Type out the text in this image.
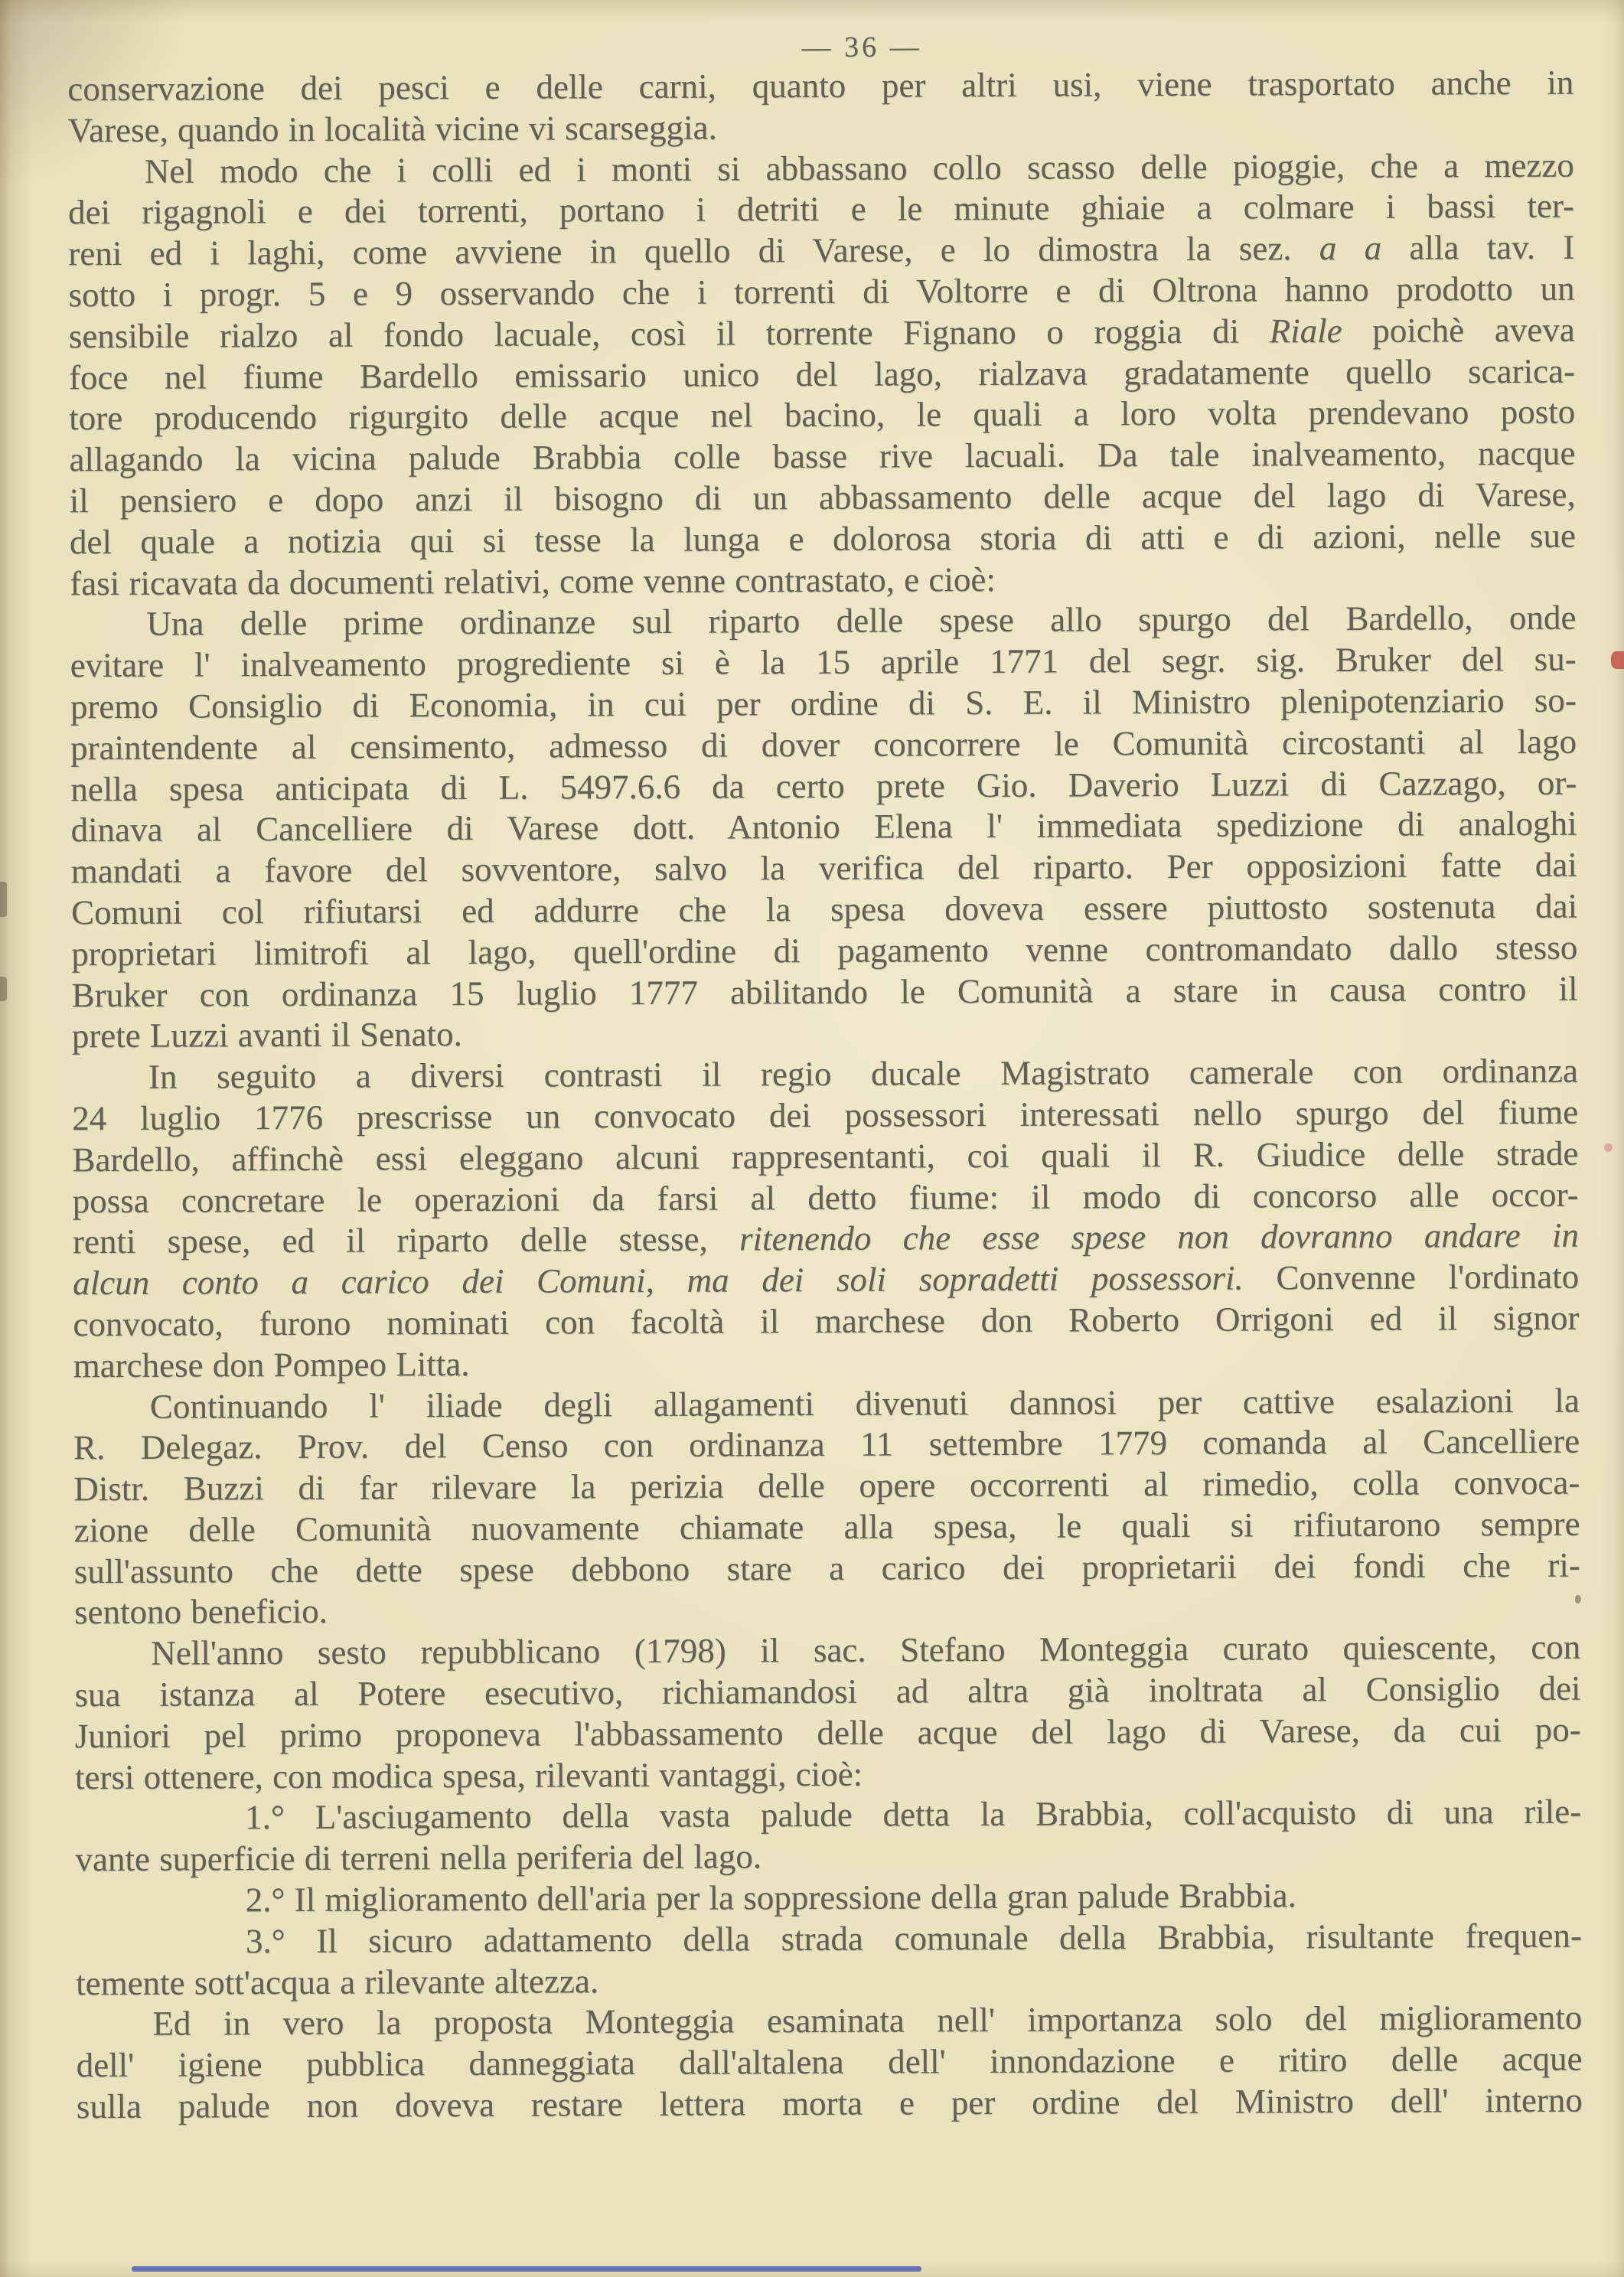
— 36 —
conservazione dei pesci e delle carni, quanto per altri usi, viene trasportato anche in
Varese, quando in località vicine vi scarseggia.
Nel modo che i colli ed i monti si abbassano collo scasso delle pioggie, che a mezzo
dei rigagnoli e dei torrenti, portano i detriti e le minute ghiaie a colmare i bassi ter-
reni ed i laghi, come avviene in quello di Varese, e lo dimostra la sez. a a alla tav. I
sotto i progr. 5 e 9 osservando che i torrenti di Voltorre e di Oltrona hanno prodotto un
sensibile rialzo al fondo lacuale, così il torrente Fignano o roggia di Riale poichè aveva
foce nel fiume Bardello emissario unico del lago, rialzava gradatamente quello scarica-
tore producendo rigurgito delle acque nel bacino, le quali a loro volta prendevano posto
allagando la vicina palude Brabbia colle basse rive lacuali. Da tale inalveamento, nacque
il pensiero e dopo anzi il bisogno di un abbassamento delle acque del lago di Varese,
del quale a notizia qui si tesse la lunga e dolorosa storia di atti e di azioni, nelle sue
fasi ricavata da documenti relativi, come venne contrastato, e cioè:
Una delle prime ordinanze sul riparto delle spese allo spurgo del Bardello, onde
evitare l' inalveamento progrediente si è la 15 aprile 1771 del segr. sig. Bruker del su-
premo Consiglio di Economia, in cui per ordine di S. E. il Ministro plenipotenziario so-
praintendente al censimento, admesso di dover concorrere le Comunità circostanti al lago
nella spesa anticipata di L. 5497.6.6 da certo prete Gio. Daverio Luzzi di Cazzago, or-
dinava al Cancelliere di Varese dott. Antonio Elena l' immediata spedizione di analoghi
mandati a favore del sovventore, salvo la verifica del riparto. Per opposizioni fatte dai
Comuni col rifiutarsi ed addurre che la spesa doveva essere piuttosto sostenuta dai
proprietari limitrofi al lago, quell'ordine di pagamento venne contromandato dallo stesso
Bruker con ordinanza 15 luglio 1777 abilitando le Comunità a stare in causa contro il
prete Luzzi avanti il Senato.
In seguito a diversi contrasti il regio ducale Magistrato camerale con ordinanza
24 luglio 1776 prescrisse un convocato dei possessori interessati nello spurgo del fiume
Bardello, affinchè essi eleggano alcuni rappresentanti, coi quali il R. Giudice delle strade
possa concretare le operazioni da farsi al detto fiume: il modo di concorso alle occor-
renti spese, ed il riparto delle stesse, ritenendo che esse spese non dovranno andare in
alcun conto a carico dei Comuni, ma dei soli sopradetti possessori. Convenne l'ordinato
convocato, furono nominati con facoltà il marchese don Roberto Orrigoni ed il signor
marchese don Pompeo Litta.
Continuando l' iliade degli allagamenti divenuti dannosi per cattive esalazioni la
R. Delegaz. Prov. del Censo con ordinanza 11 settembre 1779 comanda al Cancelliere
Distr. Buzzi di far rilevare la perizia delle opere occorrenti al rimedio, colla convoca-
zione delle Comunità nuovamente chiamate alla spesa, le quali si rifiutarono sempre
sull'assunto che dette spese debbono stare a carico dei proprietarii dei fondi che ri-
sentono beneficio.
Nell'anno sesto repubblicano (1798) il sac. Stefano Monteggia curato quiescente, con
sua istanza al Potere esecutivo, richiamandosi ad altra già inoltrata al Consiglio dei
Juniori pel primo proponeva l'abbassamento delle acque del lago di Varese, da cui po-
tersi ottenere, con modica spesa, rilevanti vantaggi, cioè:
1.° L'asciugamento della vasta palude detta la Brabbia, coll'acquisto di una rile-
vante superficie di terreni nella periferia del lago.
2.° Il miglioramento dell'aria per la soppressione della gran palude Brabbia.
3.° Il sicuro adattamento della strada comunale della Brabbia, risultante frequen-
temente sott'acqua a rilevante altezza.
Ed in vero la proposta Monteggia esaminata nell' importanza solo del miglioramento
dell' igiene pubblica danneggiata dall'altalena dell' innondazione e ritiro delle acque
sulla palude non doveva restare lettera morta e per ordine del Ministro dell' interno
